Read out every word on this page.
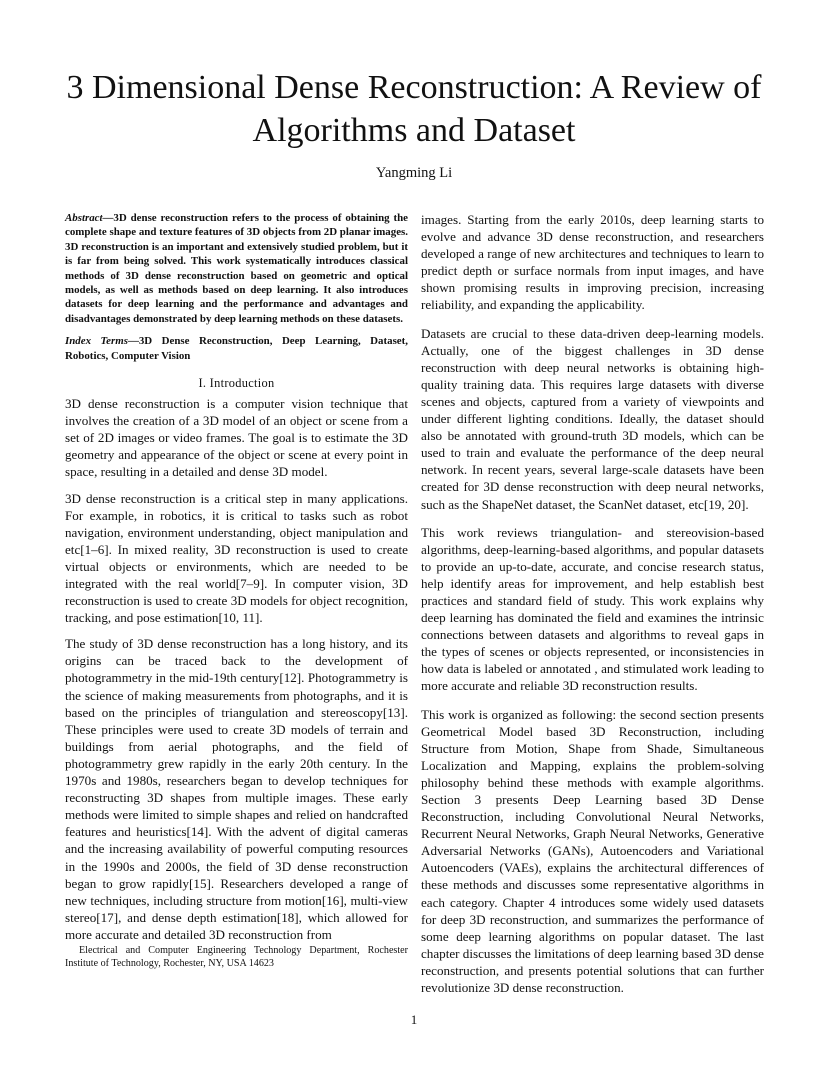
3 Dimensional Dense Reconstruction: A Review of Algorithms and Dataset
Yangming Li

Abstract—3D dense reconstruction refers to the process of obtaining the complete shape and texture features of 3D objects from 2D planar images. 3D reconstruction is an important and extensively studied problem, but it is far from being solved. This work systematically introduces classical methods of 3D dense reconstruction based on geometric and optical models, as well as methods based on deep learning. It also introduces datasets for deep learning and the performance and advantages and disadvantages demonstrated by deep learning methods on these datasets.

Index Terms—3D Dense Reconstruction, Deep Learning, Dataset, Robotics, Computer Vision

I. Introduction

3D dense reconstruction is a computer vision technique that involves the creation of a 3D model of an object or scene from a set of 2D images or video frames. The goal is to estimate the 3D geometry and appearance of the object or scene at every point in space, resulting in a detailed and dense 3D model.

3D dense reconstruction is a critical step in many applications. For example, in robotics, it is critical to tasks such as robot navigation, environment understanding, object manipulation and etc[1–6]. In mixed reality, 3D reconstruction is used to create virtual objects or environments, which are needed to be integrated with the real world[7–9]. In computer vision, 3D reconstruction is used to create 3D models for object recognition, tracking, and pose estimation[10, 11].

The study of 3D dense reconstruction has a long history, and its origins can be traced back to the development of photogrammetry in the mid-19th century[12]. Photogrammetry is the science of making measurements from photographs, and it is based on the principles of triangulation and stereoscopy[13]. These principles were used to create 3D models of terrain and buildings from aerial photographs, and the field of photogrammetry grew rapidly in the early 20th century. In the 1970s and 1980s, researchers began to develop techniques for reconstructing 3D shapes from multiple images. These early methods were limited to simple shapes and relied on handcrafted features and heuristics[14]. With the advent of digital cameras and the increasing availability of powerful computing resources in the 1990s and 2000s, the field of 3D dense reconstruction began to grow rapidly[15]. Researchers developed a range of new techniques, including structure from motion[16], multi-view stereo[17], and dense depth estimation[18], which allowed for more accurate and detailed 3D reconstruction from

images. Starting from the early 2010s, deep learning starts to evolve and advance 3D dense reconstruction, and researchers developed a range of new architectures and techniques to learn to predict depth or surface normals from input images, and have shown promising results in improving precision, increasing reliability, and expanding the applicability.

Datasets are crucial to these data-driven deep-learning models. Actually, one of the biggest challenges in 3D dense reconstruction with deep neural networks is obtaining high-quality training data. This requires large datasets with diverse scenes and objects, captured from a variety of viewpoints and under different lighting conditions. Ideally, the dataset should also be annotated with ground-truth 3D models, which can be used to train and evaluate the performance of the deep neural network. In recent years, several large-scale datasets have been created for 3D dense reconstruction with deep neural networks, such as the ShapeNet dataset, the ScanNet dataset, etc[19, 20].

This work reviews triangulation- and stereovision-based algorithms, deep-learning-based algorithms, and popular datasets to provide an up-to-date, accurate, and concise research status, help identify areas for improvement, and help establish best practices and standard field of study. This work explains why deep learning has dominated the field and examines the intrinsic connections between datasets and algorithms to reveal gaps in the types of scenes or objects represented, or inconsistencies in how data is labeled or annotated , and stimulated work leading to more accurate and reliable 3D reconstruction results.

This work is organized as following: the second section presents Geometrical Model based 3D Reconstruction, including Structure from Motion, Shape from Shade, Simultaneous Localization and Mapping, explains the problem-solving philosophy behind these methods with example algorithms. Section 3 presents Deep Learning based 3D Dense Reconstruction, including Convolutional Neural Networks, Recurrent Neural Networks, Graph Neural Networks, Generative Adversarial Networks (GANs), Autoencoders and Variational Autoencoders (VAEs), explains the architectural differences of these methods and discusses some representative algorithms in each category. Chapter 4 introduces some widely used datasets for deep 3D reconstruction, and summarizes the performance of some deep learning algorithms on popular dataset. The last chapter discusses the limitations of deep learning based 3D dense reconstruction, and presents potential solutions that can further revolutionize 3D dense reconstruction.

Electrical and Computer Engineering Technology Department, Rochester Institute of Technology, Rochester, NY, USA 14623
1
